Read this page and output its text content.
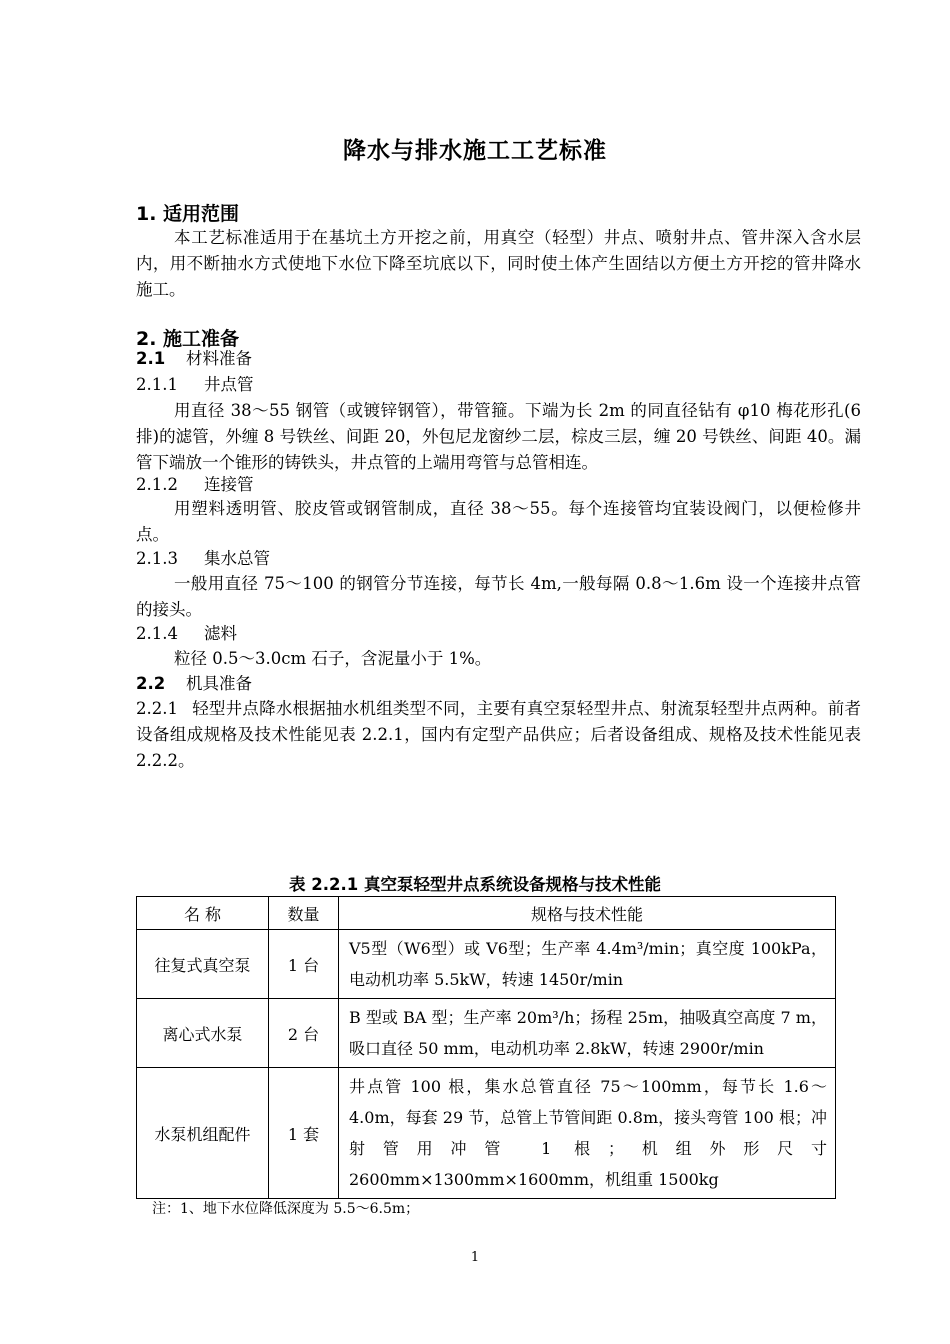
降水与排水施工工艺标准
1. 适用范围
本工艺标准适用于在基坑土方开挖之前，用真空（轻型）井点、喷射井点、管井深入含水层内，用不断抽水方式使地下水位下降至坑底以下，同时使土体产生固结以方便土方开挖的管井降水施工。
2. 施工准备
2.1 材料准备
2.1.1 井点管
用直径 38～55 钢管（或镀锌钢管），带管箍。下端为长 2m 的同直径钻有 φ10 梅花形孔(6 排)的滤管，外缠 8 号铁丝、间距 20，外包尼龙窗纱二层，棕皮三层，缠 20 号铁丝、间距 40。漏管下端放一个锥形的铸铁头，井点管的上端用弯管与总管相连。
2.1.2 连接管
用塑料透明管、胶皮管或钢管制成，直径 38～55。每个连接管均宜装设阀门，以便检修井点。
2.1.3 集水总管
一般用直径 75～100 的钢管分节连接，每节长 4m,一般每隔 0.8～1.6m 设一个连接井点管的接头。
2.1.4 滤料
粒径 0.5～3.0cm 石子，含泥量小于 1%。
2.2 机具准备
2.2.1 轻型井点降水根据抽水机组类型不同，主要有真空泵轻型井点、射流泵轻型井点两种。前者设备组成规格及技术性能见表 2.2.1，国内有定型产品供应；后者设备组成、规格及技术性能见表 2.2.2。
表 2.2.1 真空泵轻型井点系统设备规格与技术性能
名 称	数量	规格与技术性能
往复式真空泵	1 台	V5型（W6型）或 V6型；生产率 4.4m³/min；真空度 100kPa，电动机功率 5.5kW，转速 1450r/min
离心式水泵	2 台	B 型或 BA 型；生产率 20m³/h；扬程 25m，抽吸真空高度 7 m，吸口直径 50 mm，电动机功率 2.8kW，转速 2900r/min
水泵机组配件	1 套	井点管 100 根，集水总管直径 75～100mm，每节长 1.6～4.0m，每套 29 节，总管上节管间距 0.8m，接头弯管 100 根；冲射管用冲管 1 根；机组外形尺寸 2600mm×1300mm×1600mm，机组重 1500kg
注：1、地下水位降低深度为 5.5～6.5m；
1
